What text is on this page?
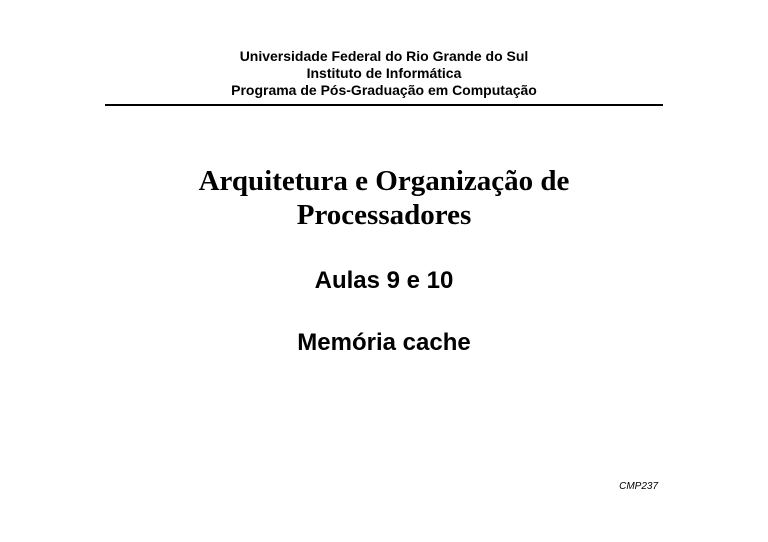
Universidade Federal do Rio Grande do Sul
Instituto de Informática
Programa de Pós-Graduação em Computação
Arquitetura e Organização de
Processadores
Aulas 9 e 10
Memória cache
CMP237
